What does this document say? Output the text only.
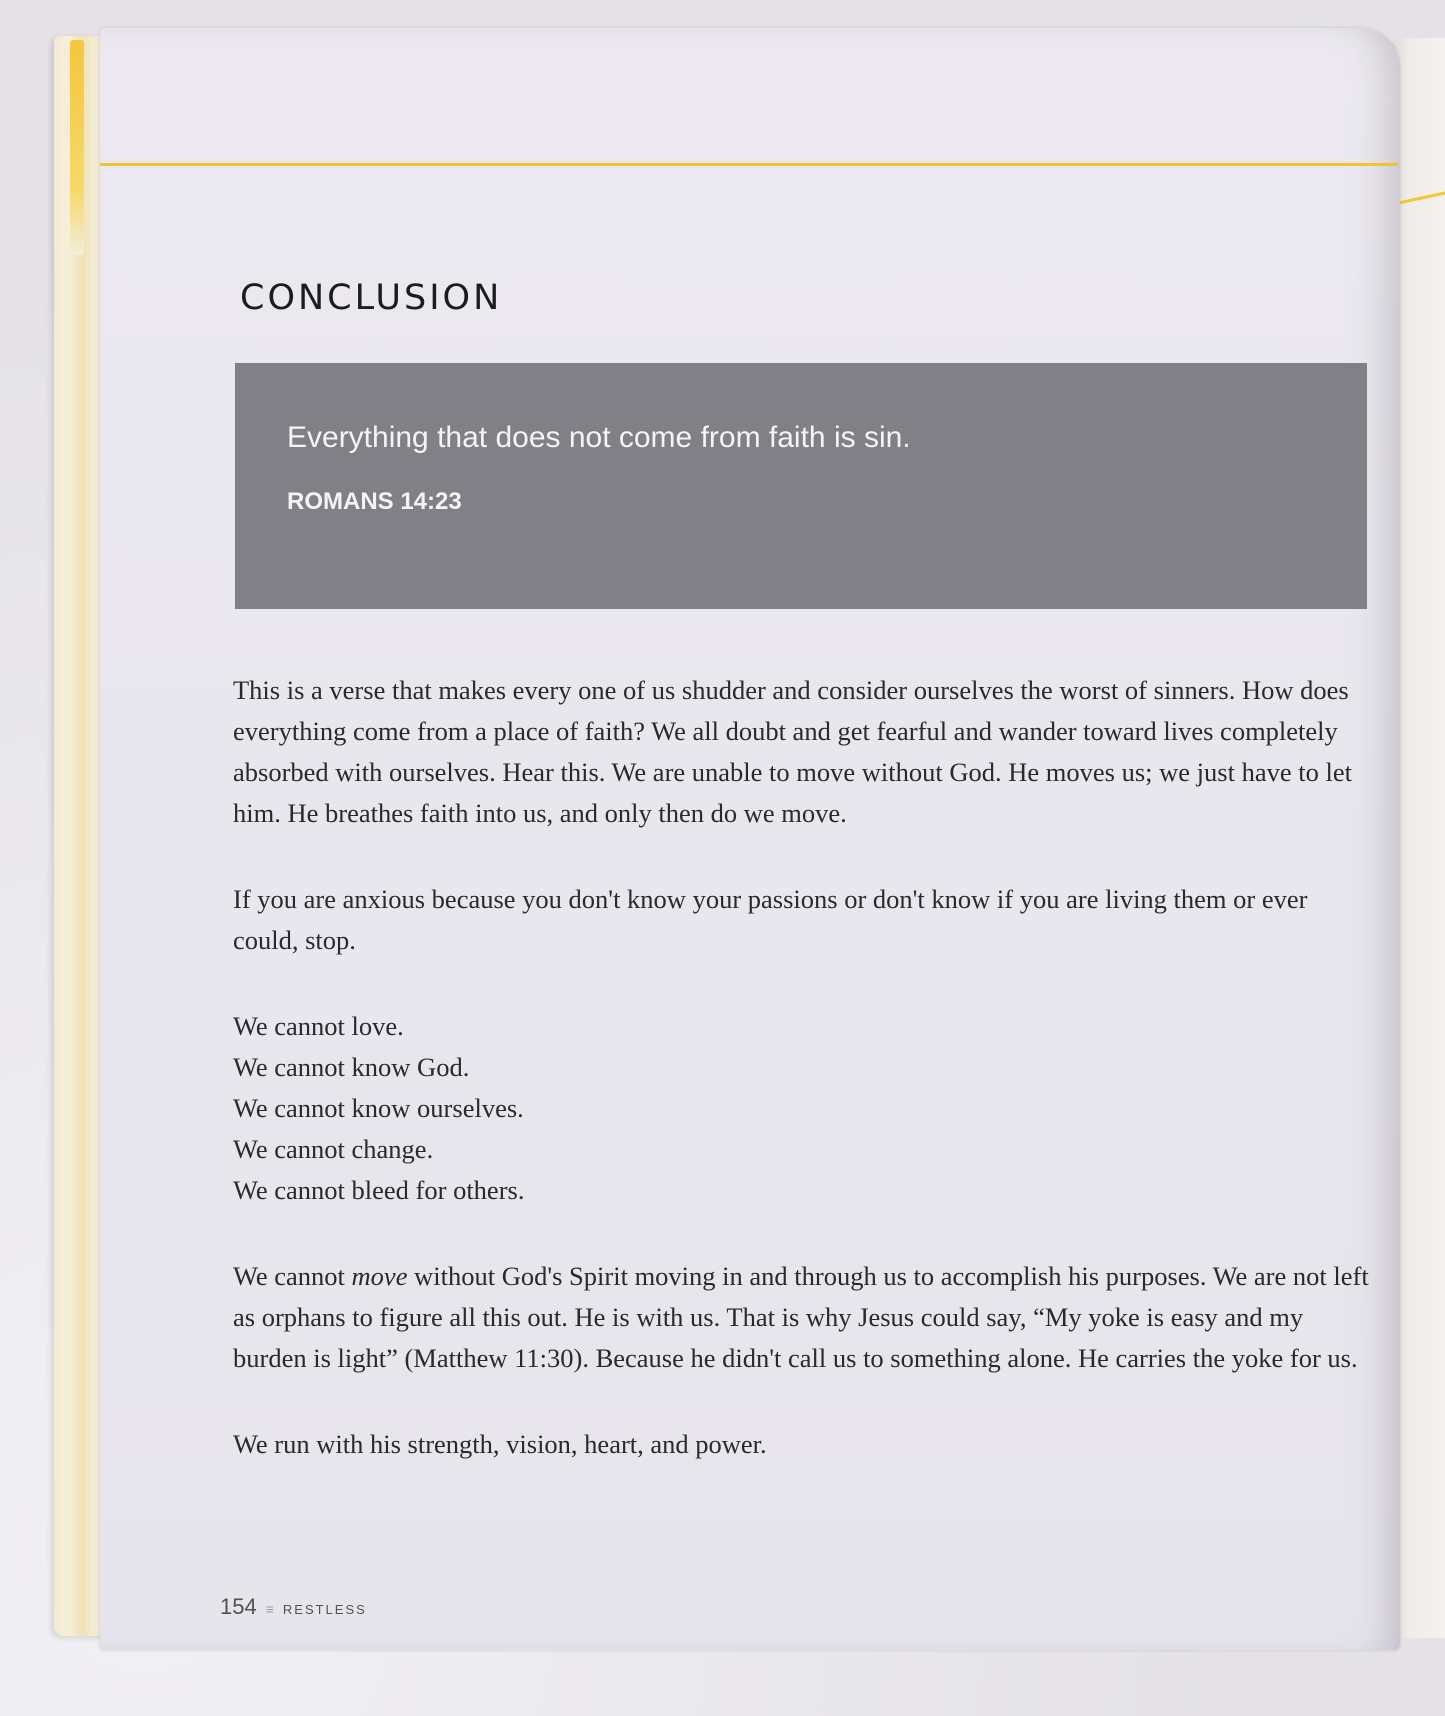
CONCLUSION
Everything that does not come from faith is sin.
ROMANS 14:23

This is a verse that makes every one of us shudder and consider ourselves the worst of sinners. How does everything come from a place of faith? We all doubt and get fearful and wander toward lives completely absorbed with ourselves. Hear this. We are unable to move without God. He moves us; we just have to let him. He breathes faith into us, and only then do we move.

If you are anxious because you don't know your passions or don't know if you are living them or ever could, stop.

We cannot love.
We cannot know God.
We cannot know ourselves.
We cannot change.
We cannot bleed for others.

We cannot move without God's Spirit moving in and through us to accomplish his purposes. We are not left as orphans to figure all this out. He is with us. That is why Jesus could say, “My yoke is easy and my burden is light” (Matthew 11:30). Because he didn't call us to something alone. He carries the yoke for us.

We run with his strength, vision, heart, and power.

154 ≡ RESTLESS
